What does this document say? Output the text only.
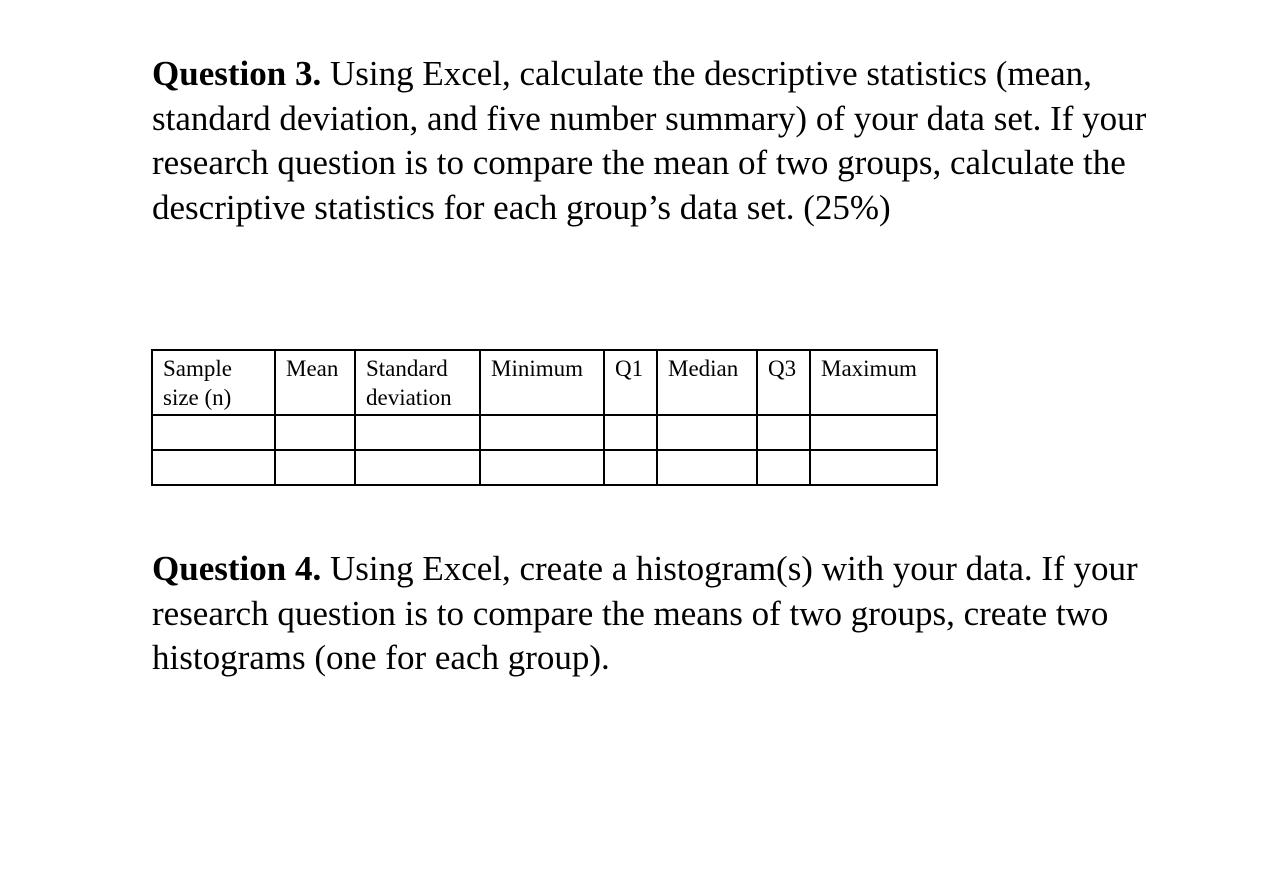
Question 3. Using Excel, calculate the descriptive statistics (mean, standard deviation, and five number summary) of your data set. If your research question is to compare the mean of two groups, calculate the descriptive statistics for each group’s data set. (25%)

Sample size (n)	Mean	Standard deviation	Minimum	Q1	Median	Q3	Maximum

Question 4. Using Excel, create a histogram(s) with your data. If your research question is to compare the means of two groups, create two histograms (one for each group).
